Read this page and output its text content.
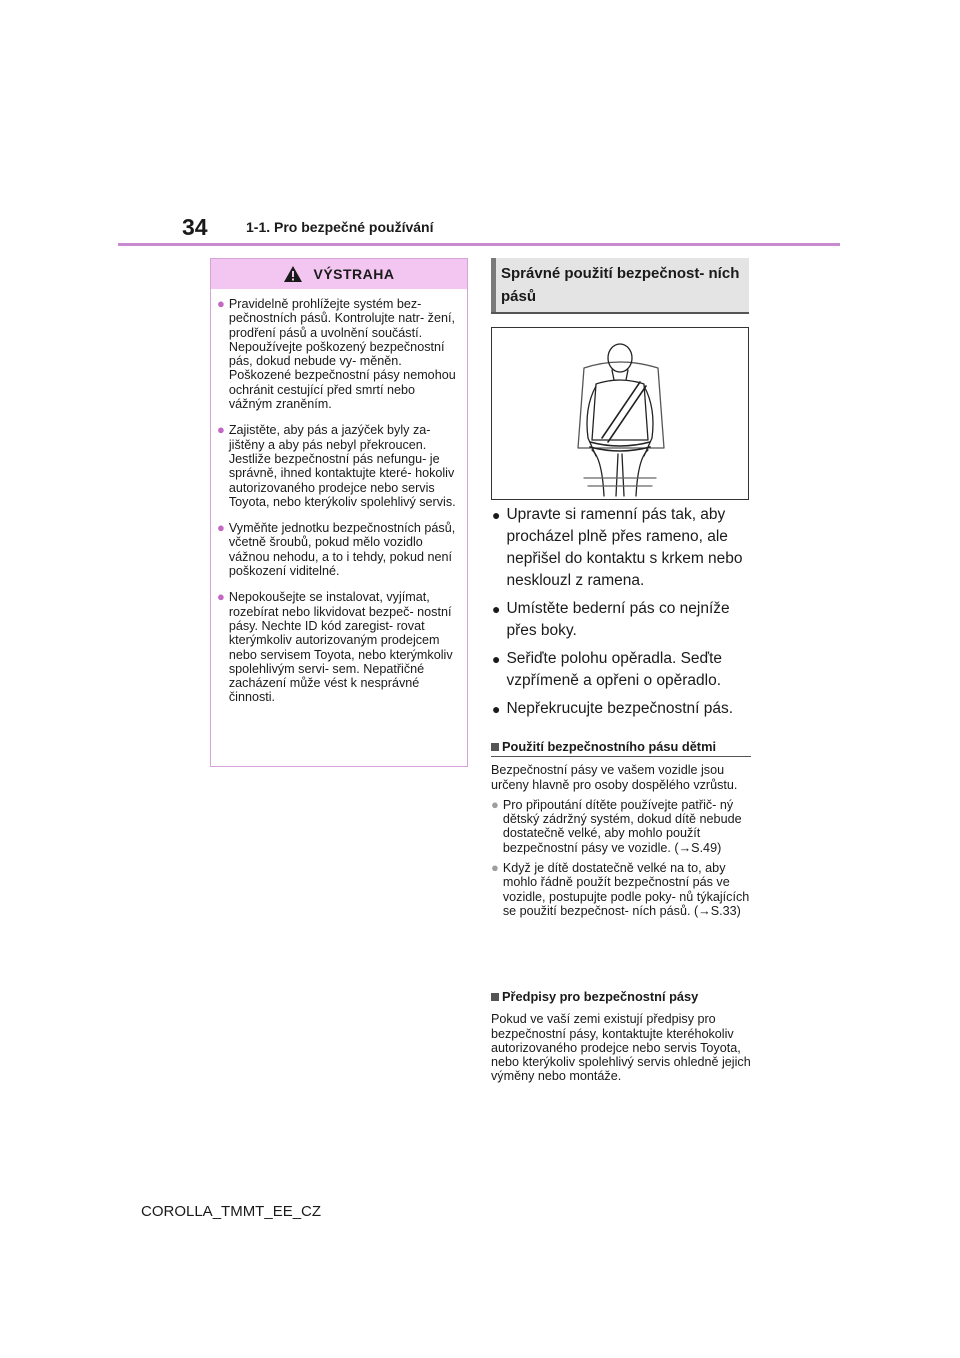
34	1-1. Pro bezpečné používání
VÝSTRAHA
● Pravidelně prohlížejte systém bez- pečnostních pásů. Kontrolujte natr- žení, prodření pásů a uvolnění součástí. Nepoužívejte poškozený bezpečnostní pás, dokud nebude vy- měněn. Poškozené bezpečnostní pásy nemohou ochránit cestující před smrtí nebo vážným zraněním.
● Zajistěte, aby pás a jazýček byly za- jištěny a aby pás nebyl překroucen. Jestliže bezpečnostní pás nefungu- je správně, ihned kontaktujte které- hokoliv autorizovaného prodejce nebo servis Toyota, nebo kterýkoliv spolehlivý servis.
● Vyměňte jednotku bezpečnostních pásů, včetně šroubů, pokud mělo vozidlo vážnou nehodu, a to i tehdy, pokud není poškození viditelné.
● Nepokoušejte se instalovat, vyjímat, rozebírat nebo likvidovat bezpeč- nostní pásy. Nechte ID kód zaregist- rovat kterýmkoliv autorizovaným prodejcem nebo servisem Toyota, nebo kterýmkoliv spolehlivým servi- sem. Nepatřičné zacházení může vést k nesprávné činnosti.
Správné použití bezpečnost- ních pásů
● Upravte si ramenní pás tak, aby procházel plně přes rameno, ale nepřišel do kontaktu s krkem nebo nesklouzl z ramena.
● Umístěte bederní pás co nejníže přes boky.
● Seřiďte polohu opěradla. Seďte vzpřímeně a opřeni o opěradlo.
● Nepřekrucujte bezpečnostní pás.
Použití bezpečnostního pásu dětmi

Bezpečnostní pásy ve vašem vozidle jsou určeny hlavně pro osoby dospělého vzrůstu.

● Pro připoutání dítěte používejte patřič- ný dětský zádržný systém, dokud dítě nebude dostatečně velké, aby mohlo použít bezpečnostní pásy ve vozidle. (→S.49)
● Když je dítě dostatečně velké na to, aby mohlo řádně použít bezpečnostní pás ve vozidle, postupujte podle poky- nů týkajících se použití bezpečnost- ních pásů. (→S.33)
Předpisy pro bezpečnostní pásy

Pokud ve vaší zemi existují předpisy pro bezpečnostní pásy, kontaktujte kteréhokoliv autorizovaného prodejce nebo servis Toyota, nebo kterýkoliv spolehlivý servis ohledně jejich výměny nebo montáže.

COROLLA_TMMT_EE_CZ
